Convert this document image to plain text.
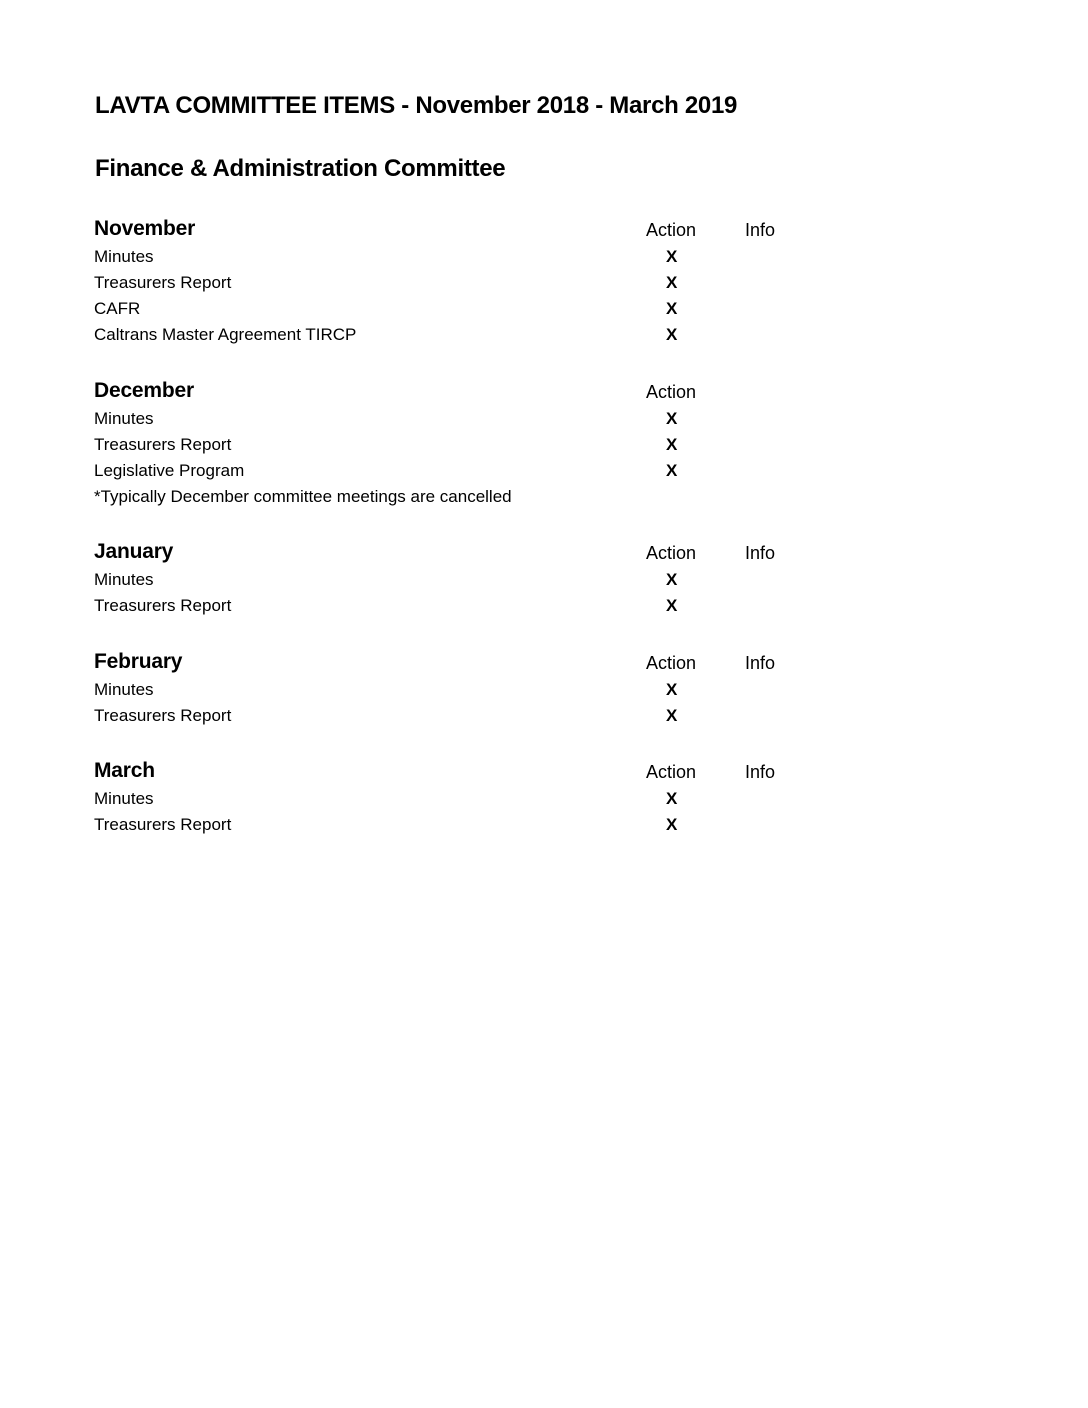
LAVTA COMMITTEE ITEMS - November 2018 - March 2019
Finance & Administration Committee
November	Action	Info
Minutes	X
Treasurers Report	X
CAFR	X
Caltrans Master Agreement TIRCP	X
December	Action
Minutes	X
Treasurers Report	X
Legislative Program	X
*Typically December committee meetings are cancelled
January	Action	Info
Minutes	X
Treasurers Report	X
February	Action	Info
Minutes	X
Treasurers Report	X
March	Action	Info
Minutes	X
Treasurers Report	X
